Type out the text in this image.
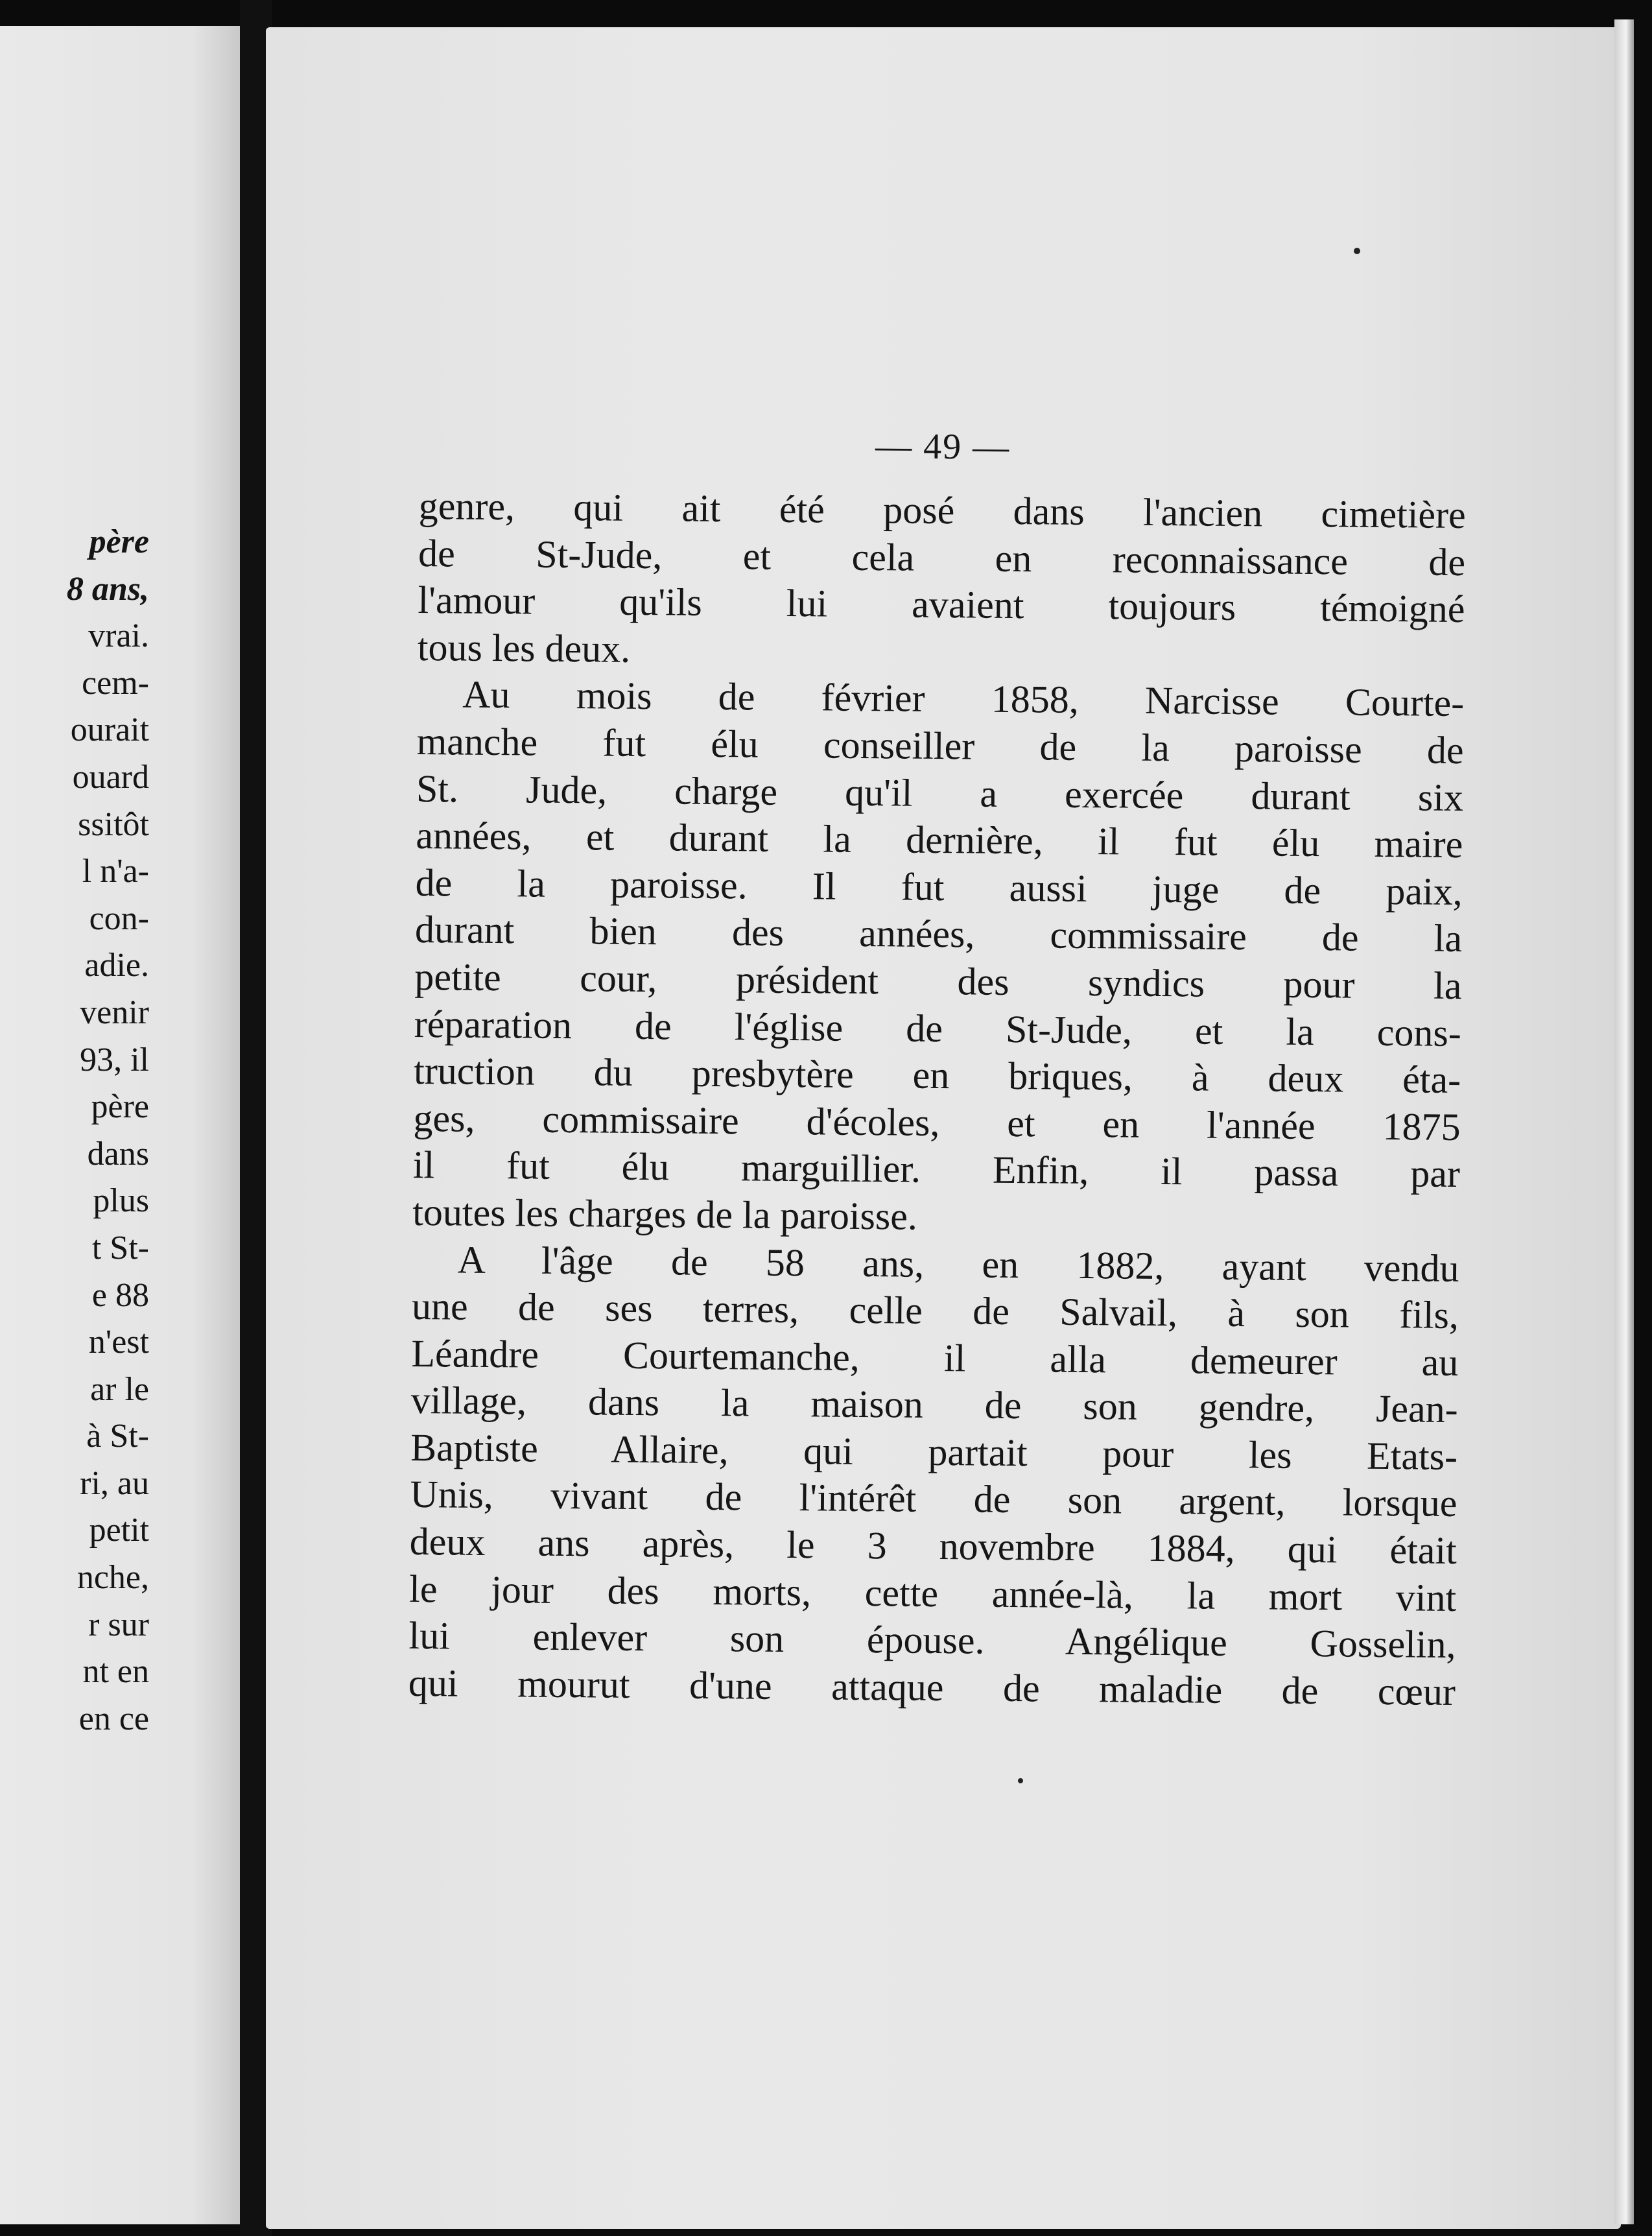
père
8 ans,
vrai.
cem-
ourait
ouard
ssitôt
l n'a-
con-
adie.
venir
93, il
père
dans
plus
t St-
e 88
n'est
ar le
à St-
ri, au
petit
nche,
r sur
nt en
en ce
— 49 —

genre, qui ait été posé dans l'ancien cimetière

de St-Jude, et cela en reconnaissance de

l'amour qu'ils lui avaient toujours témoigné

tous les deux.

Au mois de février 1858, Narcisse Courte-

manche fut élu conseiller de la paroisse de

St. Jude, charge qu'il a exercée durant six

années, et durant la dernière, il fut élu maire

de la paroisse. Il fut aussi juge de paix,

durant bien des années, commissaire de la

petite cour, président des syndics pour la

réparation de l'église de St-Jude, et la cons-

truction du presbytère en briques, à deux éta-

ges, commissaire d'écoles, et en l'année 1875

il fut élu marguillier. Enfin, il passa par

toutes les charges de la paroisse.

A l'âge de 58 ans, en 1882, ayant vendu

une de ses terres, celle de Salvail, à son fils,

Léandre Courtemanche, il alla demeurer au

village, dans la maison de son gendre, Jean-

Baptiste Allaire, qui partait pour les Etats-

Unis, vivant de l'intérêt de son argent, lorsque

deux ans après, le 3 novembre 1884, qui était

le jour des morts, cette année-là, la mort vint

lui enlever son épouse. Angélique Gosselin,

qui mourut d'une attaque de maladie de cœur
